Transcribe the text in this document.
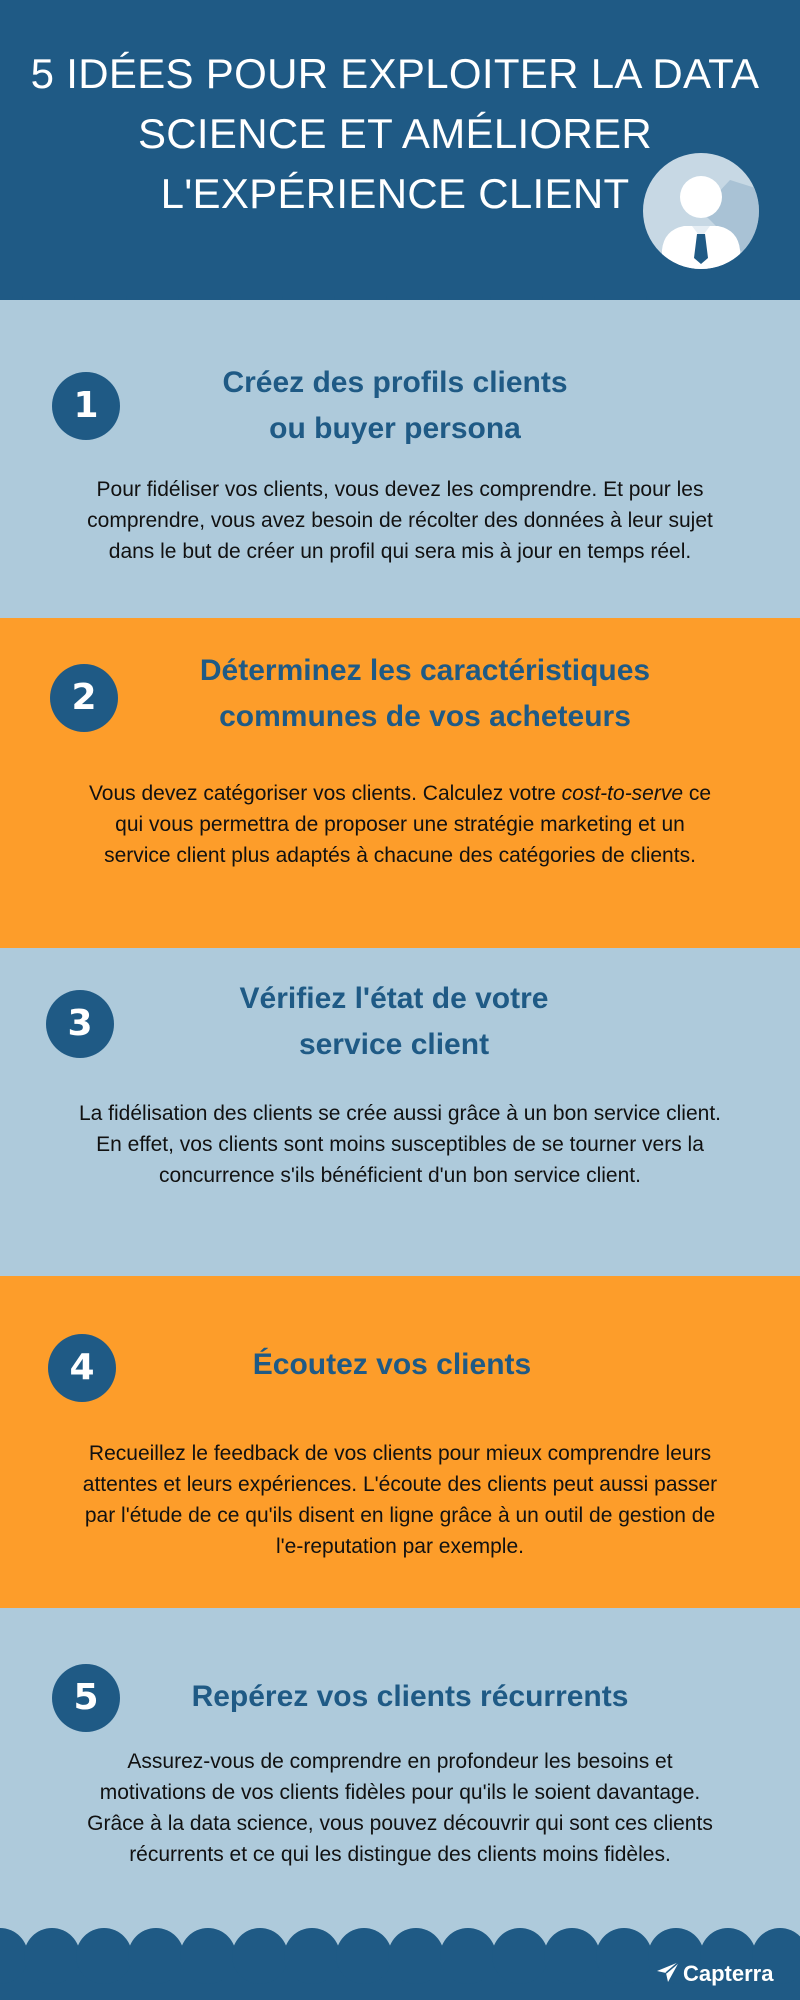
5 IDÉES POUR EXPLOITER LA DATA
SCIENCE ET AMÉLIORER
L'EXPÉRIENCE CLIENT
1
Créez des profils clients
ou buyer persona
Pour fidéliser vos clients, vous devez les comprendre. Et pour les
comprendre, vous avez besoin de récolter des données à leur sujet
dans le but de créer un profil qui sera mis à jour en temps réel.
2
Déterminez les caractéristiques
communes de vos acheteurs
Vous devez catégoriser vos clients. Calculez votre cost-to-serve ce
qui vous permettra de proposer une stratégie marketing et un
service client plus adaptés à chacune des catégories de clients.
3
Vérifiez l'état de votre
service client
La fidélisation des clients se crée aussi grâce à un bon service client.
En effet, vos clients sont moins susceptibles de se tourner vers la
concurrence s'ils bénéficient d'un bon service client.
4	Écoutez vos clients
Recueillez le feedback de vos clients pour mieux comprendre leurs
attentes et leurs expériences. L'écoute des clients peut aussi passer
par l'étude de ce qu'ils disent en ligne grâce à un outil de gestion de
l'e-reputation par exemple.
5	Repérez vos clients récurrents
Assurez-vous de comprendre en profondeur les besoins et
motivations de vos clients fidèles pour qu'ils le soient davantage.
Grâce à la data science, vous pouvez découvrir qui sont ces clients
récurrents et ce qui les distingue des clients moins fidèles.
Capterra
